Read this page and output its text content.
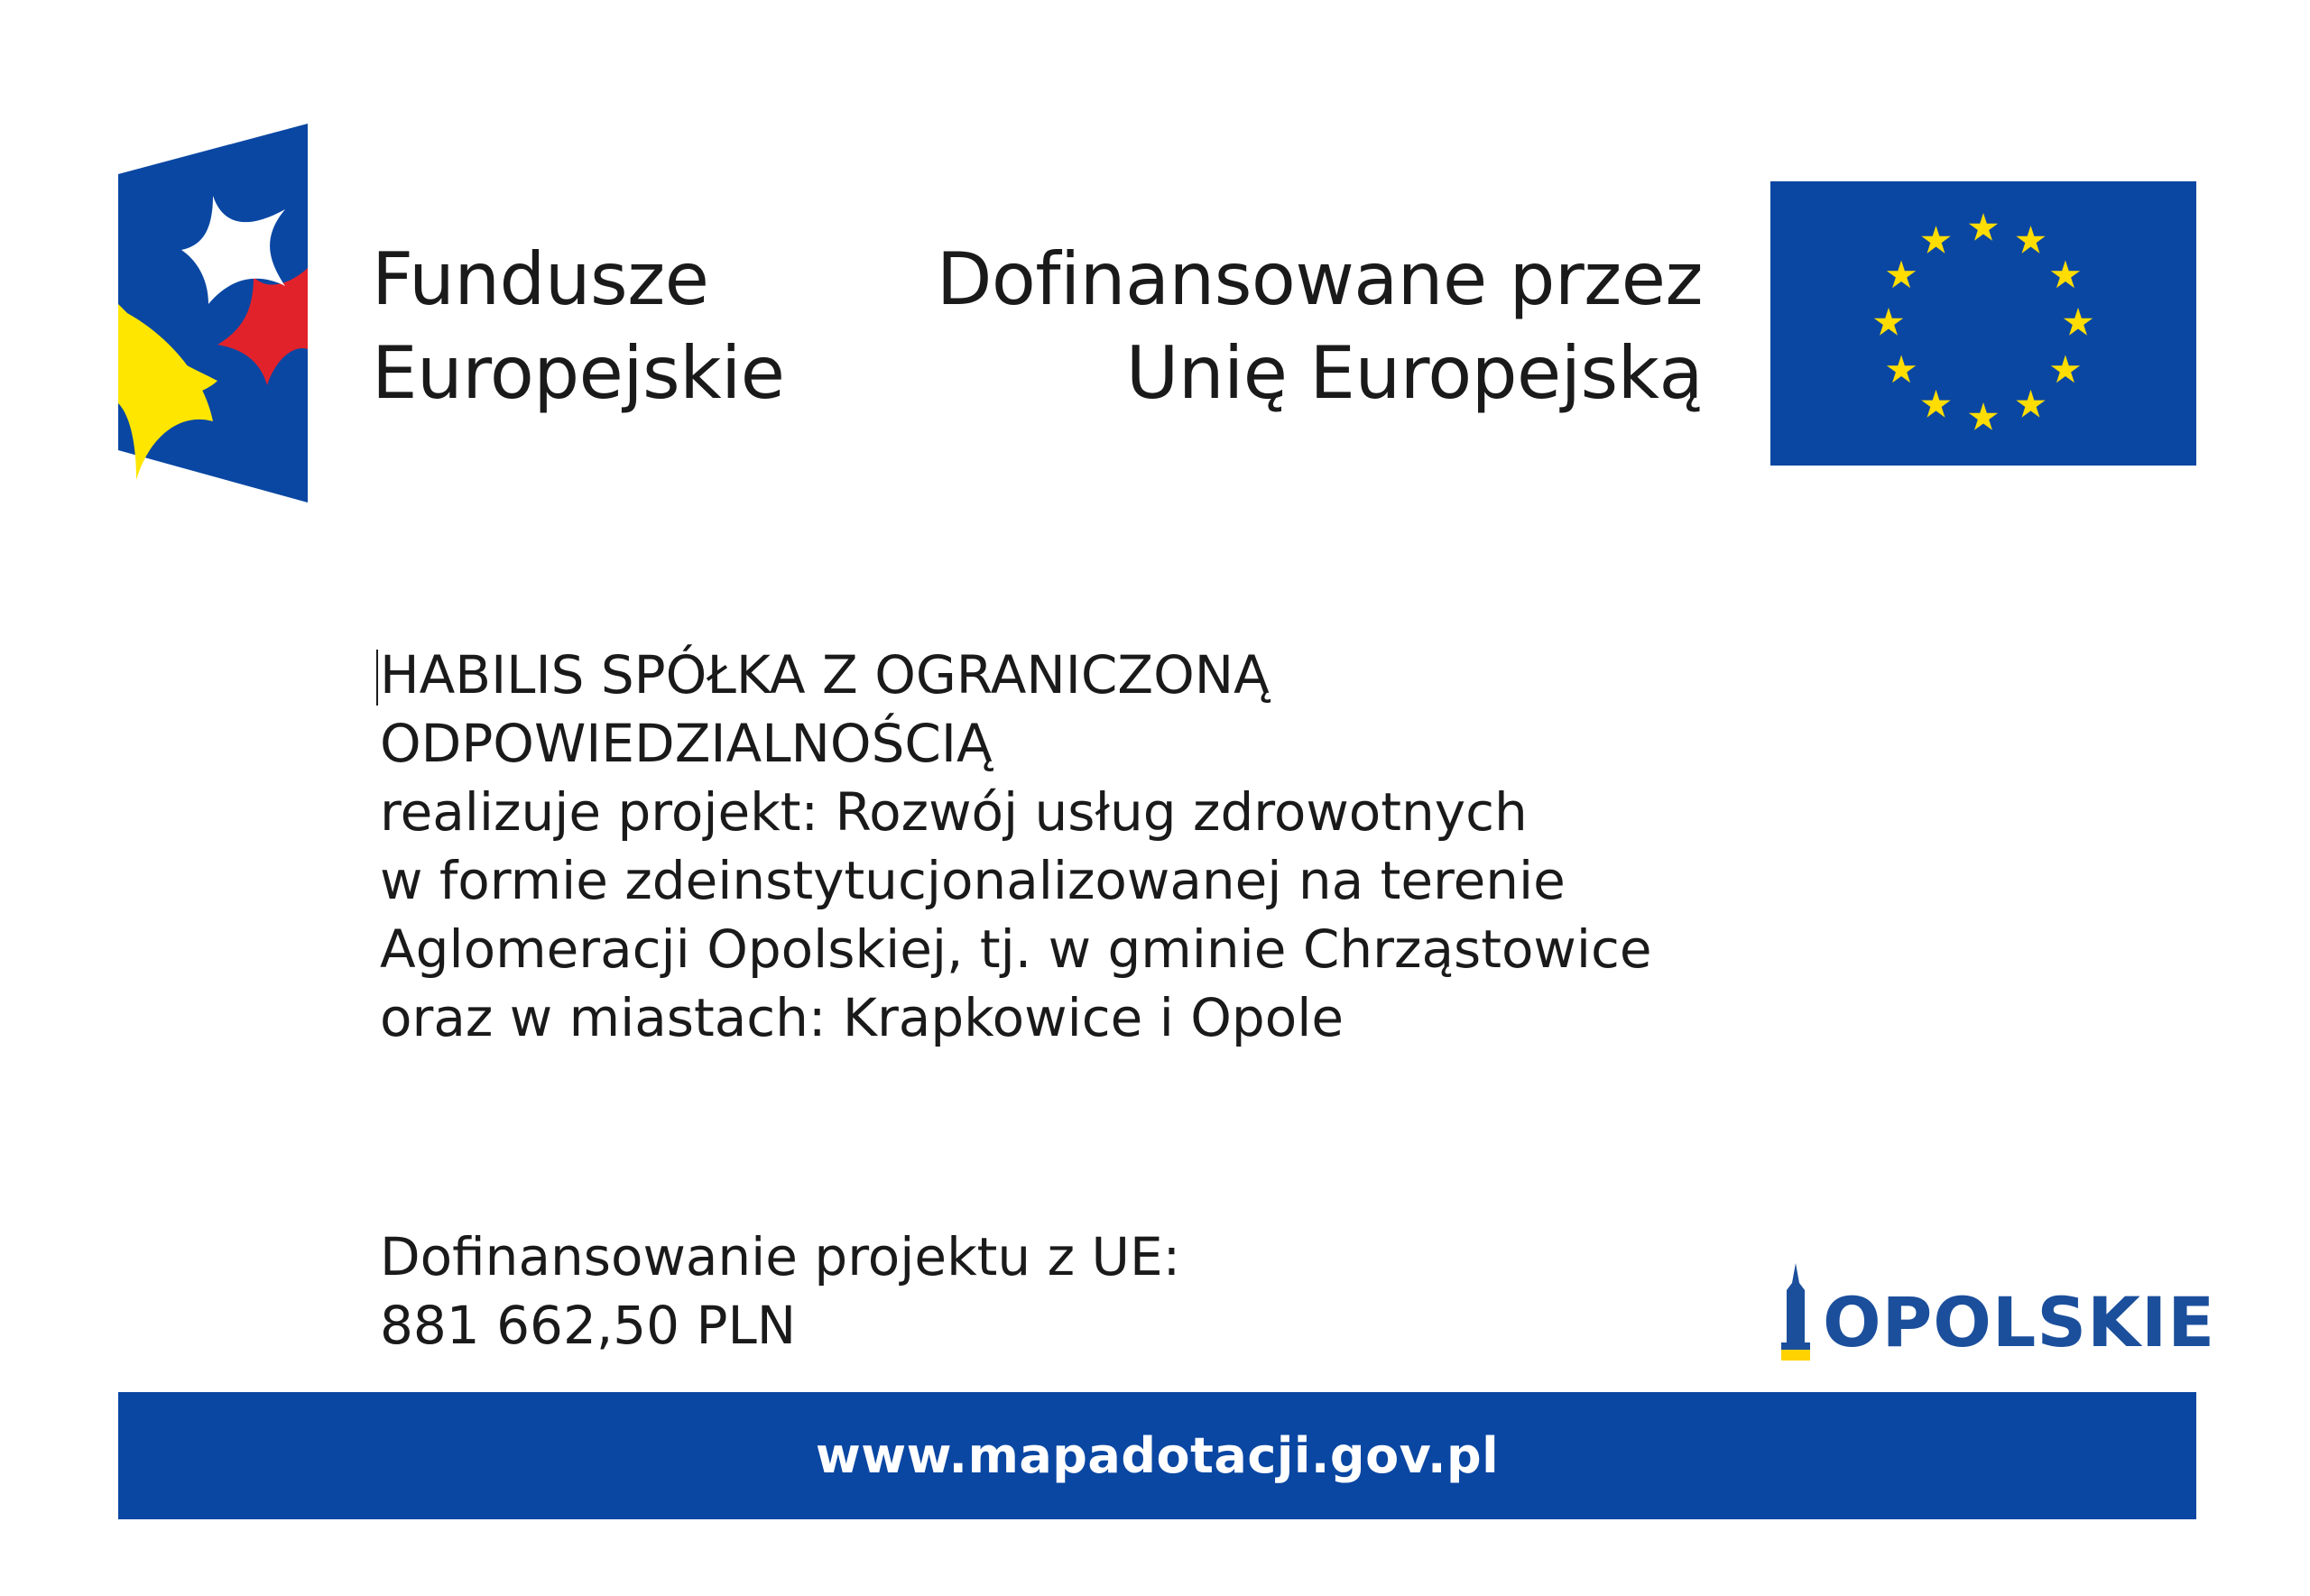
Fundusze
Europejskie
Dofinansowane przez
Unię Europejską
HABILIS SPÓŁKA Z OGRANICZONĄ
ODPOWIEDZIALNOŚCIĄ
realizuje projekt: Rozwój usług zdrowotnych
w formie zdeinstytucjonalizowanej na terenie
Aglomeracji Opolskiej, tj. w gminie Chrząstowice
oraz w miastach: Krapkowice i Opole
Dofinansowanie projektu z UE:
881 662,50 PLN	OPOLSKIE
www.mapadotacji.gov.pl
